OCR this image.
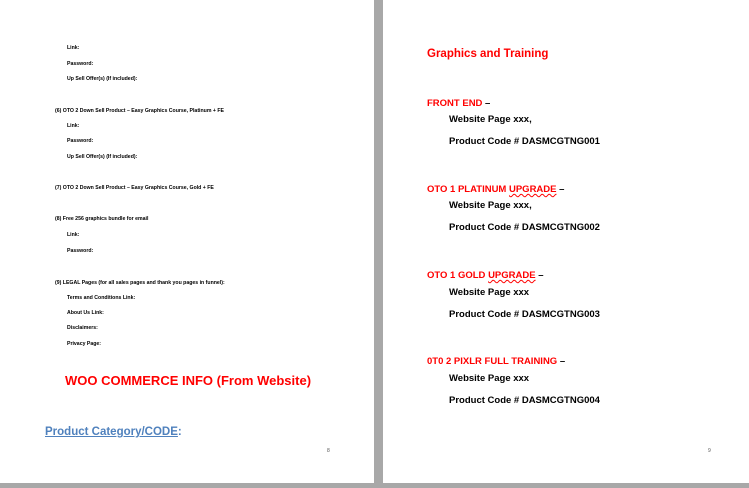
Link:
Password:
Up Sell Offer(s) (If included):
(6) OTO 2 Down Sell Product – Easy Graphics Course, Platinum + FE
Link:
Password:
Up Sell Offer(s) (If included):
(7) OTO 2 Down Sell Product – Easy Graphics Course, Gold + FE
(8) Free 256 graphics bundle for email
Link:
Password:
(9) LEGAL Pages (for all sales pages and thank you pages in funnel):
Terms and Conditions Link:
About Us Link:
Disclaimers:
Privacy Page:
WOO COMMERCE INFO (From Website)
Product Category/CODE:
8
Graphics and Training
FRONT END –
Website Page xxx,
Product Code # DASMCGTNG001
OTO 1 PLATINUM UPGRADE –
Website Page xxx,
Product Code # DASMCGTNG002
OTO 1 GOLD UPGRADE –
Website Page xxx
Product Code # DASMCGTNG003
0T0 2 PIXLR FULL TRAINING –
Website Page xxx
Product Code # DASMCGTNG004
9
